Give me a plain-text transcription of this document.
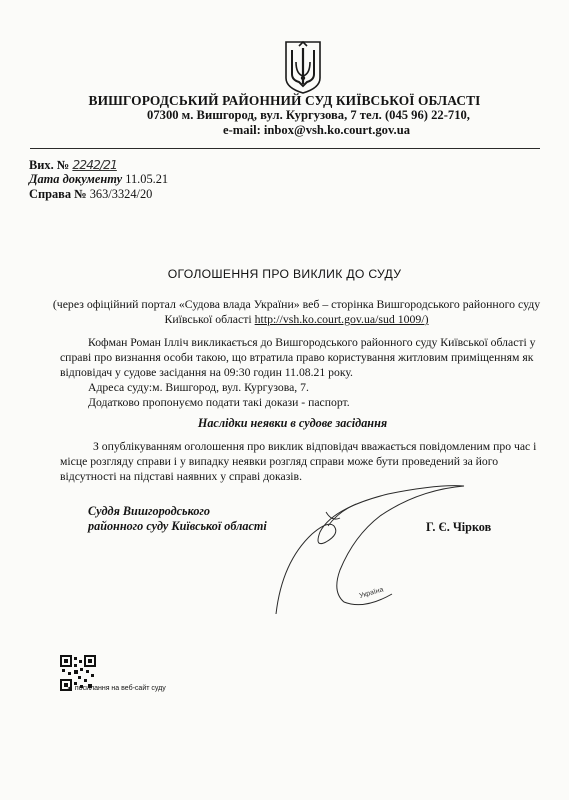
ВИШГОРОДСЬКИЙ РАЙОННИЙ СУД КИЇВСЬКОЇ ОБЛАСТІ
07300 м. Вишгород, вул. Кургузова, 7 тел. (045 96) 22-710,
e-mail: inbox@vsh.ko.court.gov.ua
Вих. № 2242/21
Дата документу 11.05.21
Справа № 363/3324/20
ОГОЛОШЕННЯ ПРО ВИКЛИК ДО СУДУ
(через офіційний портал «Судова влада України» веб – сторінка Вишгородського районного суду
Київської області http://vsh.ko.court.gov.ua/sud 1009/)
Кофман Роман Ілліч викликається до Вишгородського районного суду Київської області у
справі про визнання особи такою, що втратила право користування житловим приміщенням як
відповідач у судове засідання на 09:30 годин 11.08.21 року.
Адреса суду:м. Вишгород, вул. Кургузова, 7.
Додатково пропонуємо подати такі докази - паспорт.
Наслідки неявки в судове засідання
З опублікуванням оголошення про виклик відповідач вважається повідомленим про час і
місце розгляду справи і у випадку неявки розгляд справи може бути проведений за його
відсутності на підставі наявних у справі доказів.
Суддя Вишгородського
районного суду Київської області	Г. Є. Чірков
Україна
◄ посилання на веб-сайт суду
